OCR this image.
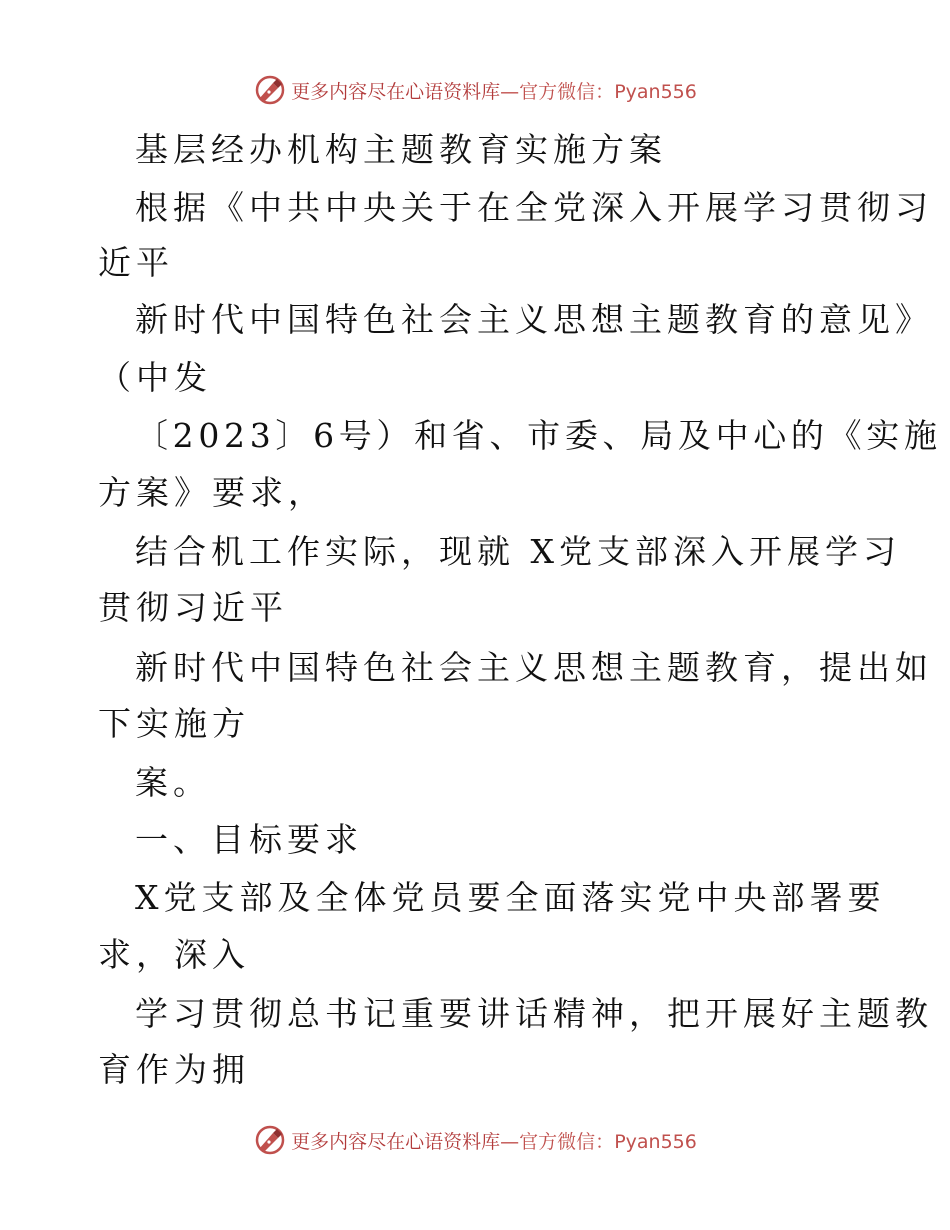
更多内容尽在心语资料库—官方微信：Pyan556
基层经办机构主题教育实施方案
根据《中共中央关于在全党深入开展学习贯彻习
近平
新时代中国特色社会主义思想主题教育的意见》
（中发
〔2023〕6号）和省、市委、局及中心的《实施
方案》要求，
结合机工作实际，现就 X党支部深入开展学习
贯彻习近平
新时代中国特色社会主义思想主题教育，提出如
下实施方
案。
一、目标要求
X党支部及全体党员要全面落实党中央部署要
求，深入
学习贯彻总书记重要讲话精神，把开展好主题教
育作为拥
更多内容尽在心语资料库—官方微信：Pyan556
